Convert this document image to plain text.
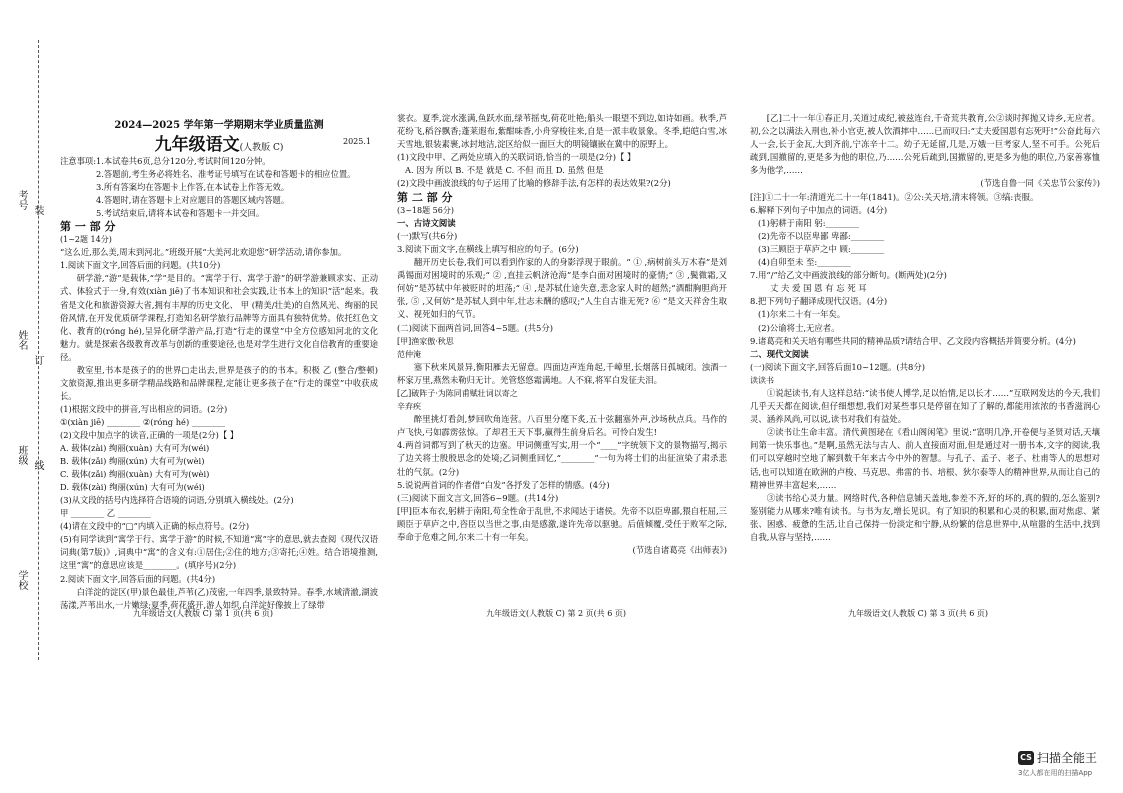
考号
姓名
班级
学校
装
订
线
2024—2025 学年第一学期期末学业质量监测
九年级语文(人教版 C)
2025.1

注意事项:1.本试卷共6页,总分120分,考试时间120分钟。

2.答题前,考生务必将姓名、准考证号填写在试卷和答题卡的相应位置。

3.所有答案均在答题卡上作答,在本试卷上作答无效。

4.答题时,请在答题卡上对应题目的答题区域内答题。

5.考试结束后,请将本试卷和答题卡一并交回。

第 一 部 分

(1~2题 14分)

“这么近,那么美,周末到河北。”班级开展“大美河北欢迎您”研学活动,请你参加。

1.阅读下面文字,回答后面的问题。(共10分)

研学游,“游”是载体,“学”是目的。“寓学于行、寓学于游”的研学游兼顾求实、正动式、体验式于一身,有效(xiàn jiē)了书本知识和社会实践,让书本上的知识“活”起来。我省是文化和旅游资源大省,拥有丰厚的历史文化、 甲 (精美/壮美)的自然风光、绚丽的民俗风情,在开发优质研学课程,打造知名研学旅行品牌等方面具有独特优势。依托红色文化、教育的(róng hé),呈异化研学游产品,打造“行走的课堂”中全方位感知河北的文化魅力。就是探索各级教育改革与创新的重要途径,也是对学生进行文化自信教育的重要途径。

教室里,书本是孩子的的世界□走出去,世界是孩子的的书本。积极 乙 (整合/整顿)文旅资源,推出更多研学精品线路和品牌课程,定能让更多孩子在“行走的课堂”中收获成长。

(1)根据文段中的拼音,写出相应的词语。(2分)

①(xiàn jiē) ________ ②(róng hé) ________

(2)文段中加点字的读音,正确的一项是(2分)【 】

A. 载体(zài) 绚丽(xuàn) 大有可为(wéi)

B. 载体(zǎi) 绚丽(xún) 大有可为(wèi)

C. 载体(zǎi) 绚丽(xuàn) 大有可为(wèi)

D. 载体(zài) 绚丽(xún) 大有可为(wéi)

(3)从文段的括号内选择符合语境的词语,分别填入横线处。(2分)

甲 ________ 乙 ________

(4)请在文段中的“□”内填入正确的标点符号。(2分)

(5)有同学读到“寓学于行、寓学于游”的时候,不知道“寓”字的意思,就去查阅《现代汉语词典(第7版)》,词典中“寓”的含义有:①居住;②住的地方;③寄托;④姓。结合语境推测,这里“寓”的意思应该是________。(填序号)(2分)

2.阅读下面文字,回答后面的问题。(共4分)

白洋淀的淀区(甲)景色最佳,芦苇(乙)茂密,一年四季,景致特异。春季,水域清澈,湖波荡漾,芦苇出水,一片嫩绿;夏季,荷花盛开,游人如织,白洋淀好像披上了绿带

裳衣。夏季,淀水涨满,鱼跃水面,绿苇摇曳,荷花吐艳;船头一眼望不到边,如诗如画。秋季,芦花纷飞,稻谷飘香;蓬莱遐布,紫酣味香,小舟穿梭往来,自是一派丰收景象。冬季,皑皑白雪,冰天雪地,银装素裹,冰封地洁,淀区给似一面巨大的明镜镶嵌在冀中的原野上。

(1)文段中甲、乙两处应填入的关联词语,恰当的一项是(2分)【 】

A. 因为 所以 B. 不是 就是 C. 不但 而且 D. 虽然 但是

(2)文段中画波浪线的句子运用了比喻的修辞手法,有怎样的表达效果?(2分)

第 二 部 分

(3~18题 56分)

一、古诗文阅读

(一)默写(共6分)

3.阅读下面文字,在横线上填写相应的句子。(6分)

翻开历史长卷,我们可以看到作家的人的身影浮现于眼前。“ ① ,病树前头万木春”是刘禹锡面对困境时的乐观;“ ② ,直挂云帆济沧海”是李白面对困境时的豪情;“ ③ ,鬓微霜,又何妨”是苏轼中年被贬时的坦荡;“ ④ ,是苏轼仕途失意,悲念家人时的超然;“酒酣胸胆尚开张, ⑤ ,又何妨”是苏轼人到中年,壮志未酬的感叹;“人生自古谁无死? ⑥ ”是文天祥舍生取义、视死如归的气节。

(二)阅读下面两首词,回答4~5题。(共5分)

[甲]渔家傲·秋思

范仲淹

塞下秋来风景异,衡阳雁去无留意。四面边声连角起,千嶂里,长烟落日孤城闭。浊酒一杯家万里,燕然未勒归无计。羌管悠悠霜满地。人不寐,将军白发征夫泪。

[乙]破阵子·为陈同甫赋壮词以寄之

辛弃疾

醉里挑灯看剑,梦回吹角连营。八百里分麾下炙,五十弦翻塞外声,沙场秋点兵。马作的卢飞快,弓如霹雳弦惊。了却君王天下事,赢得生前身后名。可怜白发生!

4.两首词都写到了秋天的边塞。甲词侧重写实,用一个“____”字统领下文的景物描写,揭示了边关将士殷殷思念的处境;乙词侧重回忆,“________”一句为将士们的出征渲染了肃杀悲壮的气氛。(2分)

5.说说两首词的作者借“白发”各抒发了怎样的情感。(4分)

(三)阅读下面文言文,回答6~9题。(共14分)

[甲]臣本布衣,躬耕于南阳,苟全性命于乱世,不求闻达于诸侯。先帝不以臣卑鄙,猥自枉屈,三顾臣于草庐之中,咨臣以当世之事,由是感激,遂许先帝以驱驰。后值倾覆,受任于败军之际,奉命于危难之间,尔来二十有一年矣。

(节选自诸葛亮《出师表》)

[乙]二十一年①春正月,关道过成纪,被兹连台,千奇荒共教育,公②谈时挥抛又诗乡,无应者。初,公之以满法入刑也,补小官吏,被人饮酒摔中……已而叹曰:“丈夫爱国恩有忘死吁!”公奋此每六人一会,长于金瓦,大到齐前,宁冻辛十二。幼子无延留,几是,万娥一巨考家人,坚不可手。公死后疏到,国撤留的,更是多为他的职位,乃……公死后疏到,国撤留的,更是多为他的职位,乃家善寡恤多为他学,……

(节选自鲁一同《关忠节公家传》)

[注]①二十一年:清道光二十一年(1841)。②公:关天培,清末将领。③缟:丧服。

6.解释下列句子中加点的词语。(4分)

(1)躬耕于南阳 躬:________

(2)先帝不以臣卑鄙 卑鄙:________

(3)三顾臣于草庐之中 顾:________

(4)自卯至未 至:________

7.用“/”给乙文中画波浪线的部分断句。(断两处)(2分)

丈 夫 爱 国 恩 有 忘 死 耳

8.把下列句子翻译成现代汉语。(4分)

(1)尔来二十有一年矣。

(2)公谕将士,无应者。

9.诸葛亮和关天培有哪些共同的精神品质?请结合甲、乙文段内容概括并简要分析。(4分)

二、现代文阅读

(一)阅读下面文字,回答后面10~12题。(共8分)

读读书

①说起读书,有人这样总结:“读书使人博学,足以怡情,足以长才……”互联网发达的今天,我们几乎天天都在阅读,但仔细想想,我们对某些事只是停留在知了了解的,都能用浓浓的书香滋润心灵、涵养风尚,可以说,读书对我们有益处。

②读书让生命丰富。清代黄图珌在《看山阁闲笔》里说:“富明几净,开卷便与圣贤对话,天壤间第一快乐事也。”是啊,虽然无法与古人、前人直接面对面,但是通过对一册书本,文字的阅读,我们可以穿越时空地了解到数千年来古今中外的智慧。与孔子、孟子、老子、杜甫等人的思想对话,也可以知道在欧洲的卢梭、马克思、弗雷的书、培根、狄尔泰等人的精神世界,从而让自己的精神世界丰富起来,……

③读书给心灵力量。网络时代,各种信息铺天盖地,参差不齐,好的坏的,真的假的,怎么鉴别?鉴别能力从哪来?唯有读书。与书为友,增长见识。有了知识的积累和心灵的积累,面对焦虑、紧张、困惑、疲惫的生活,让自己保持一份淡定和宁静,从纷繁的信息世界中,从喧嚣的生活中,找到自我,从容与坚持,……

九年级语文(人教版 C) 第 1 页(共 6 页)	九年级语文(人教版 C) 第 2 页(共 6 页)	九年级语文(人教版 C) 第 3 页(共 6 页)
CS 扫描全能王
3亿人都在用的扫描App
